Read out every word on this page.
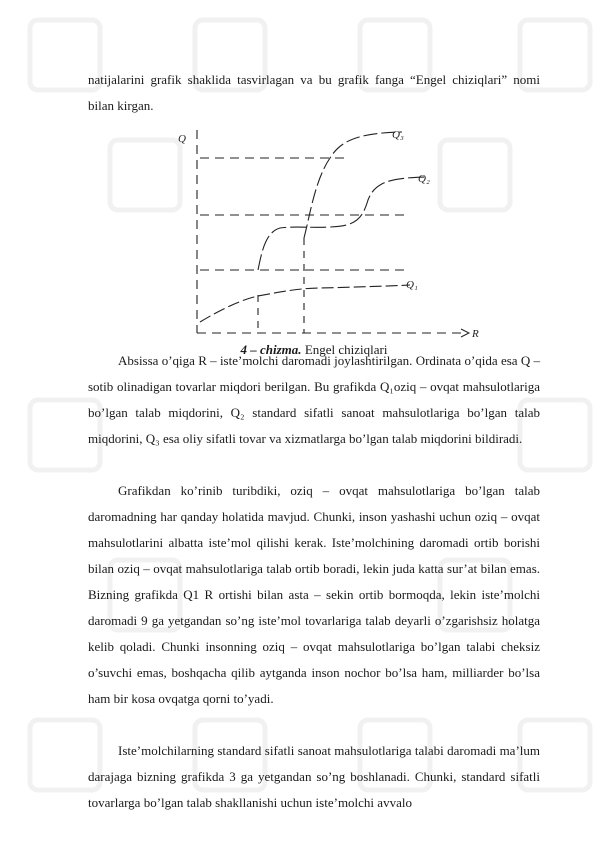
natijalarini grafik shaklida tasvirlagan va bu grafik fanga “Engel chiziqlari” nomi bilan kirgan.

Q
R
Q₃
Q₂
Q₁
4 – chizma. Engel chiziqlari

Absissa o’qiga R – iste’molchi daromadi joylashtirilgan. Ordinata o’qida esa Q – sotib olinadigan tovarlar miqdori berilgan. Bu grafikda Q₁oziq – ovqat mahsulotlariga bo’lgan talab miqdorini, Q₂ standard sifatli sanoat mahsulotlariga bo’lgan talab miqdorini, Q₃ esa oliy sifatli tovar va xizmatlarga bo’lgan talab miqdorini bildiradi.

Grafikdan ko’rinib turibdiki, oziq – ovqat mahsulotlariga bo’lgan talab daromadning har qanday holatida mavjud. Chunki, inson yashashi uchun oziq – ovqat mahsulotlarini albatta iste’mol qilishi kerak. Iste’molchining daromadi ortib borishi bilan oziq – ovqat mahsulotlariga talab ortib boradi, lekin juda katta sur’at bilan emas. Bizning grafikda Q1 R ortishi bilan asta – sekin ortib bormoqda, lekin iste’molchi daromadi 9 ga yetgandan so’ng iste’mol tovarlariga talab deyarli o’zgarishsiz holatga kelib qoladi. Chunki insonning oziq – ovqat mahsulotlariga bo’lgan talabi cheksiz o’suvchi emas, boshqacha qilib aytganda inson nochor bo’lsa ham, milliarder bo’lsa ham bir kosa ovqatga qorni to’yadi.

Iste’molchilarning standard sifatli sanoat mahsulotlariga talabi daromadi ma’lum darajaga bizning grafikda 3 ga yetgandan so’ng boshlanadi. Chunki, standard sifatli tovarlarga bo’lgan talab shakllanishi uchun iste’molchi avvalo
